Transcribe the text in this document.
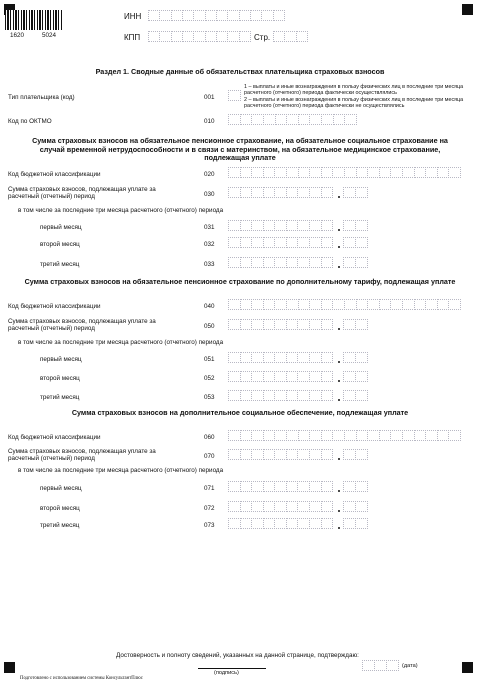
1620	5024
ИНН
КПП	Стр.
Раздел 1. Сводные данные об обязательствах плательщика страховых взносов
Тип плательщика (код)	001
1 – выплаты и иные вознаграждения в пользу физических лиц в последние три месяца расчетного (отчетного) периода фактически осуществлялись
2 – выплаты и иные вознаграждения в пользу физических лиц в последние три месяца расчетного (отчетного) периода фактически не осуществлялись
Код по ОКТМО	010
Сумма страховых взносов на обязательное пенсионное страхование, на обязательное социальное страхование на случай временной нетрудоспособности и в связи с материнством, на обязательное медицинское страхование, подлежащая уплате
Код бюджетной классификации	020
Сумма страховых взносов, подлежащая уплате за расчетный (отчетный) период	030
в том числе за последние три месяца расчетного (отчетного) периода
первый месяц	031
второй месяц	032
третий месяц	033
Сумма страховых взносов на обязательное пенсионное страхование по дополнительному тарифу, подлежащая уплате
Код бюджетной классификации	040
Сумма страховых взносов, подлежащая уплате за расчетный (отчетный) период	050
в том числе за последние три месяца расчетного (отчетного) периода
первый месяц	051
второй месяц	052
третий месяц	053
Сумма страховых взносов на дополнительное социальное обеспечение, подлежащая уплате
Код бюджетной классификации	060
Сумма страховых взносов, подлежащая уплате за расчетный (отчетный) период	070
в том числе за последние три месяца расчетного (отчетного) периода
первый месяц	071
второй месяц	072
третий месяц	073
Достоверность и полноту сведений, указанных на данной странице, подтверждаю:
(подпись)
(дата)
Подготовлено с использованием системы КонсультантПлюс
